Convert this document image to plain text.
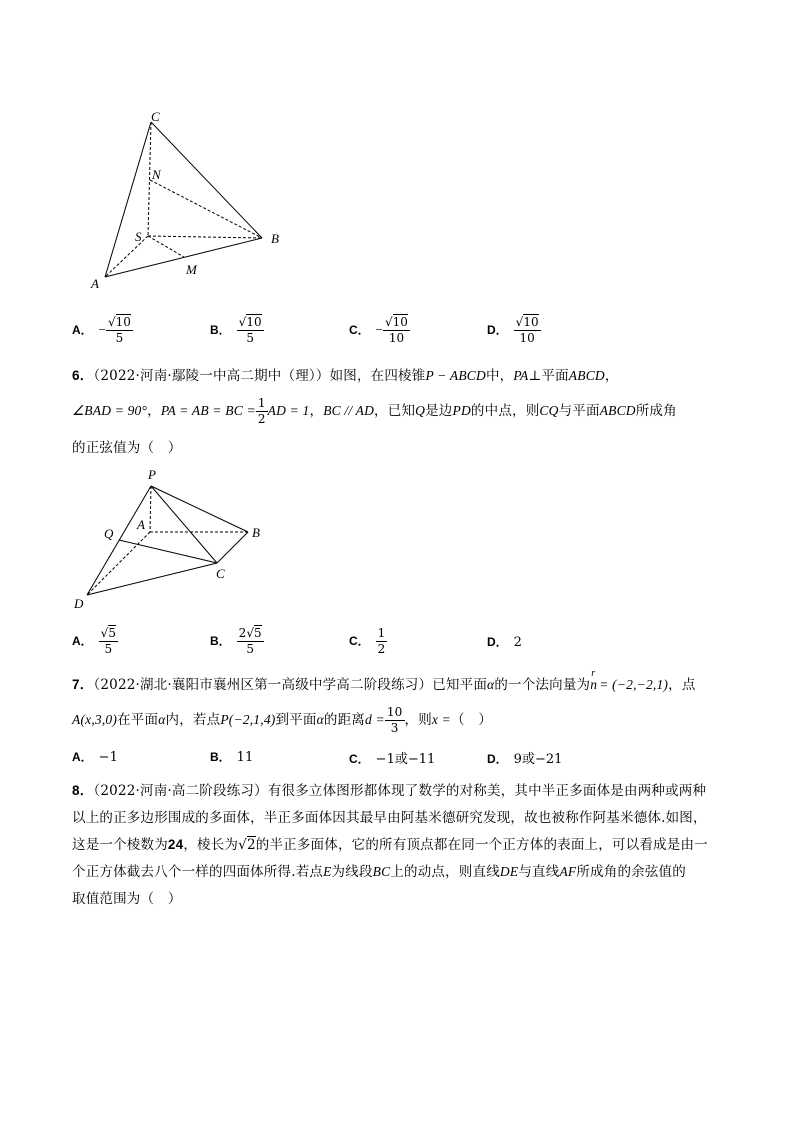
C
N
S	B
A
M
A． − $\frac{√10}{5}$	B． $\frac{√10}{5}$	C． − $\frac{√10}{10}$	D． $\frac{√10}{10}$
6．（2022·河南·鄢陵一中高二期中（理））如图，在四棱锥P − ABCD中，PA⊥平面ABCD，
∠BAD = 90°，PA = AB = BC = $\frac{1}{2}$ AD = 1，BC // AD，已知Q是边PD的中点，则CQ与平面ABCD所成角
的正弦值为（　）
P
A
B
Q
C
D
A． $\frac{√5}{5}$	B． $\frac{2√5}{5}$	C． $\frac{1}{2}$	D． 2
7．（2022·湖北·襄阳市襄州区第一高级中学高二阶段练习）已知平面α的一个法向量为
r
n = (−2,−2,1)，点
A(x,3,0)在平面α内，若点P(−2,1,4)到平面α的距离$d = \frac{10}{3}$ ，则x =（　）
A． −1	B． 11	C． −1或−11	D． 9或−21
8．（2022·河南·高二阶段练习）有很多立体图形都体现了数学的对称美，其中半正多面体是由两种或两种
以上的正多边形围成的多面体，半正多面体因其最早由阿基米德研究发现，故也被称作阿基米德体.如图，
这是一个棱数为24，棱长为√2的半正多面体，它的所有顶点都在同一个正方体的表面上，可以看成是由一
个正方体截去八个一样的四面体所得.若点E为线段BC上的动点，则直线DE与直线AF所成角的余弦值的
取值范围为（　）
